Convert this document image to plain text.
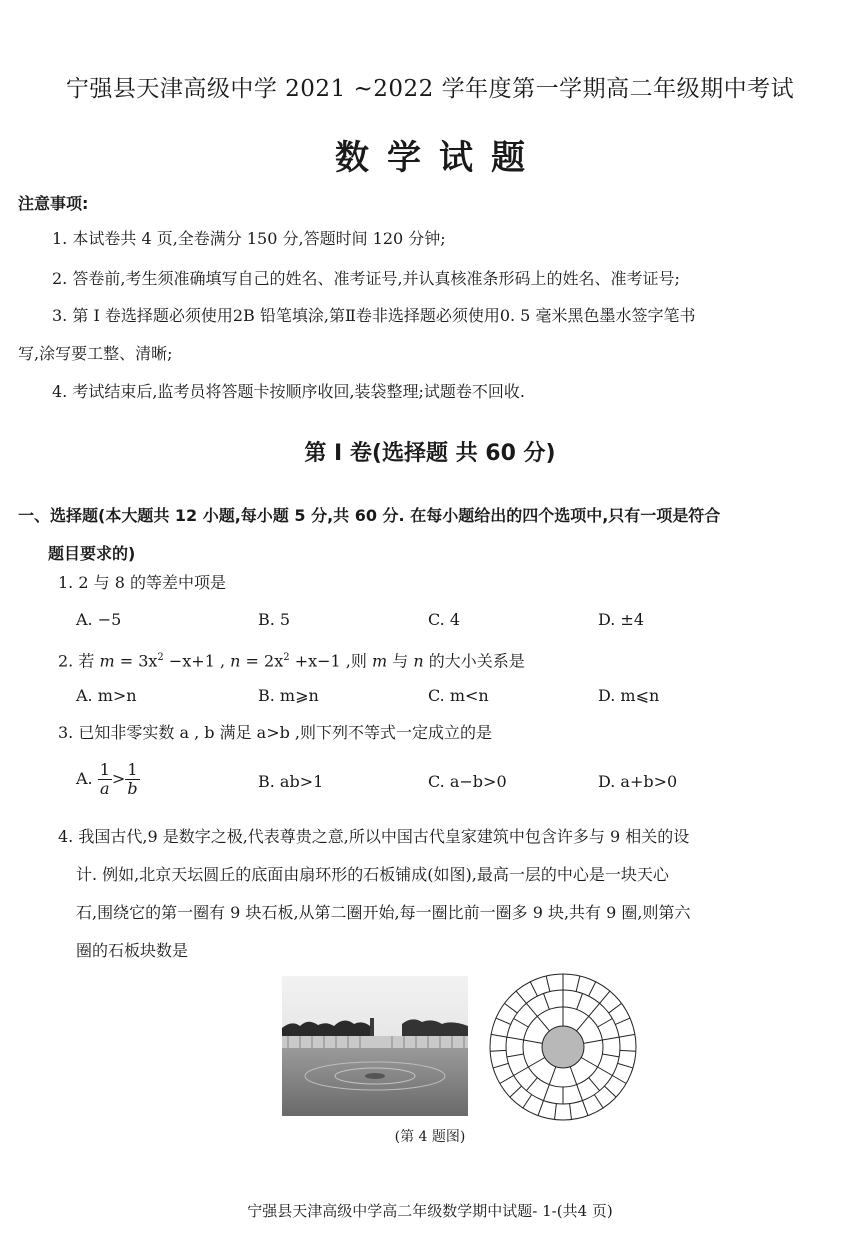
宁强县天津高级中学 2021 ~2022 学年度第一学期高二年级期中考试
数学试题
注意事项:
1. 本试卷共 4 页,全卷满分 150 分,答题时间 120 分钟;
2. 答卷前,考生须准确填写自己的姓名、准考证号,并认真核准条形码上的姓名、准考证号;
3. 第 Ⅰ 卷选择题必须使用2B 铅笔填涂,第Ⅱ卷非选择题必须使用0. 5 毫米黑色墨水签字笔书
写,涂写要工整、清晰;
4. 考试结束后,监考员将答题卡按顺序收回,装袋整理;试题卷不回收.
第 Ⅰ 卷(选择题 共 60 分)
一、选择题(本大题共 12 小题,每小题 5 分,共 60 分. 在每小题给出的四个选项中,只有一项是符合
题目要求的)
1. 2 与 8 的等差中项是
A. −5	B. 5	C. 4	D. ±4
2. 若 $m = 3x^2 -x+1$ , $n = 2x^2 +x-1$ ,则 m 与 n 的大小关系是
A. m>n	B. m⩾n	C. m<n	D. m⩽n
3. 已知非零实数 a , b 满足 a>b ,则下列不等式一定成立的是
A. $\frac{1}{a} > \frac{1}{b}$	B. ab>1	C. a−b>0	D. a+b>0
4. 我国古代,9 是数字之极,代表尊贵之意,所以中国古代皇家建筑中包含许多与 9 相关的设
计. 例如,北京天坛圆丘的底面由扇环形的石板铺成(如图),最高一层的中心是一块天心
石,围绕它的第一圈有 9 块石板,从第二圈开始,每一圈比前一圈多 9 块,共有 9 圈,则第六
圈的石板块数是
(第 4 题图)
宁强县天津高级中学高二年级数学期中试题- 1-(共4 页)
